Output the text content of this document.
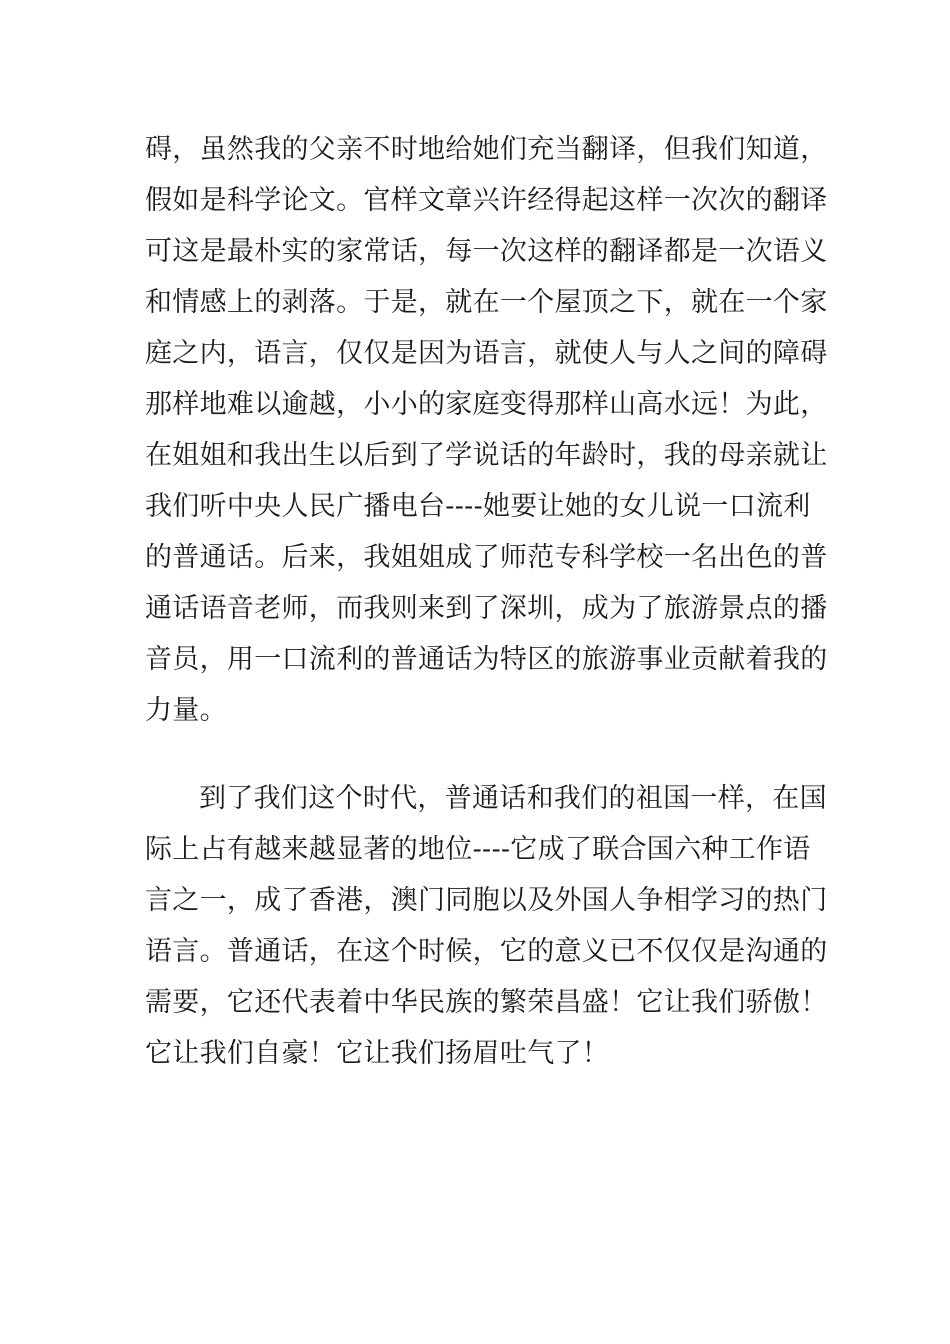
碍，虽然我的父亲不时地给她们充当翻译，但我们知道，
假如是科学论文。官样文章兴许经得起这样一次次的翻译
可这是最朴实的家常话，每一次这样的翻译都是一次语义
和情感上的剥落。于是，就在一个屋顶之下，就在一个家
庭之内，语言，仅仅是因为语言，就使人与人之间的障碍
那样地难以逾越，小小的家庭变得那样山高水远！为此，
在姐姐和我出生以后到了学说话的年龄时，我的母亲就让
我们听中央人民广播电台----她要让她的女儿说一口流利
的普通话。后来，我姐姐成了师范专科学校一名出色的普
通话语音老师，而我则来到了深圳，成为了旅游景点的播
音员，用一口流利的普通话为特区的旅游事业贡献着我的
力量。
到了我们这个时代，普通话和我们的祖国一样，在国
际上占有越来越显著的地位----它成了联合国六种工作语
言之一，成了香港，澳门同胞以及外国人争相学习的热门
语言。普通话，在这个时候，它的意义已不仅仅是沟通的
需要，它还代表着中华民族的繁荣昌盛！它让我们骄傲！
它让我们自豪！它让我们扬眉吐气了！
